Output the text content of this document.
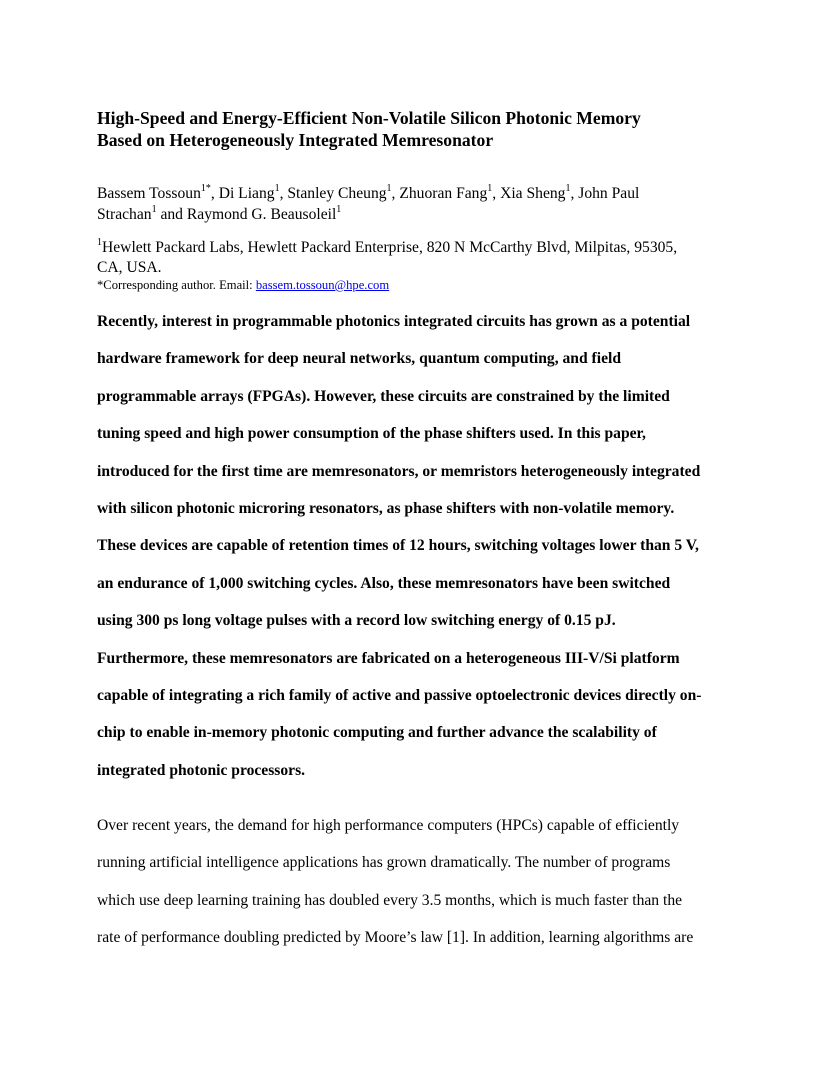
High-Speed and Energy-Efficient Non-Volatile Silicon Photonic Memory
Based on Heterogeneously Integrated Memresonator
Bassem Tossoun$^{1*}$, Di Liang$^1$, Stanley Cheung$^1$, Zhuoran Fang$^1$, Xia Sheng$^1$, John Paul
Strachan$^1$ and Raymond G. Beausoleil$^1$
$^1$Hewlett Packard Labs, Hewlett Packard Enterprise, 820 N McCarthy Blvd, Milpitas, 95305,
CA, USA.
*Corresponding author. Email: bassem.tossoun@hpe.com
Recently, interest in programmable photonics integrated circuits has grown as a potential
hardware framework for deep neural networks, quantum computing, and field
programmable arrays (FPGAs). However, these circuits are constrained by the limited
tuning speed and high power consumption of the phase shifters used. In this paper,
introduced for the first time are memresonators, or memristors heterogeneously integrated
with silicon photonic microring resonators, as phase shifters with non-volatile memory.
These devices are capable of retention times of 12 hours, switching voltages lower than 5 V,
an endurance of 1,000 switching cycles. Also, these memresonators have been switched
using 300 ps long voltage pulses with a record low switching energy of 0.15 pJ.
Furthermore, these memresonators are fabricated on a heterogeneous III-V/Si platform
capable of integrating a rich family of active and passive optoelectronic devices directly on-
chip to enable in-memory photonic computing and further advance the scalability of
integrated photonic processors.
Over recent years, the demand for high performance computers (HPCs) capable of efficiently
running artificial intelligence applications has grown dramatically. The number of programs
which use deep learning training has doubled every 3.5 months, which is much faster than the
rate of performance doubling predicted by Moore’s law [1]. In addition, learning algorithms are
